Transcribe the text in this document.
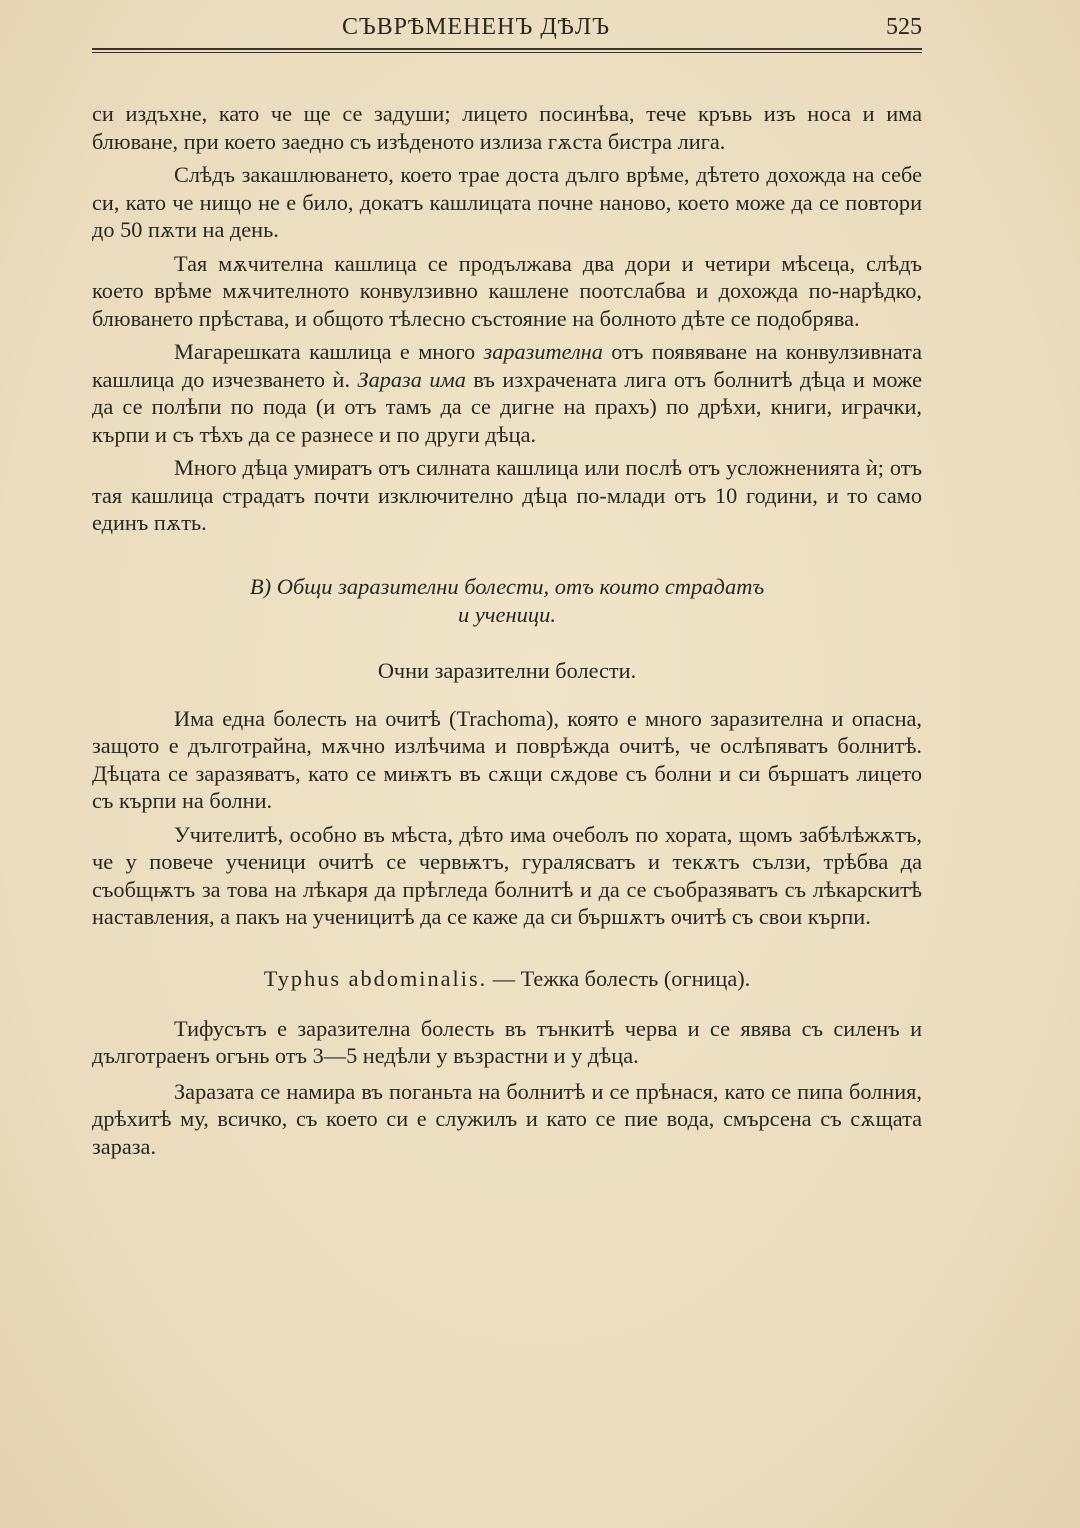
СЪВРѢМЕНЕНЪ ДѢЛЪ	525

си издъхне, като че ще се задуши; лицето посинѣва, тече кръвь изъ носа и има блюване, при което заедно съ изѣденото излиза гѫста бистра лига.

Слѣдъ закашлюването, което трае доста дълго врѣме, дѣтето дохожда на себе си, като че нищо не е било, докатъ кашлицата почне наново, което може да се повтори до 50 пѫти на день.

Тая мѫчителна кашлица се продължава два дори и четири мѣсеца, слѣдъ което врѣме мѫчителното конвулзивно кашлене поотслабва и дохожда по-нарѣдко, блюването прѣстава, и общото тѣлесно състояние на болното дѣте се подобрява.

Магарешката кашлица е много заразителна отъ появяване на конвулзивната кашлица до изчезването ѝ. Зараза има въ изхрачената лига отъ болнитѣ дѣца и може да се полѣпи по пода (и отъ тамъ да се дигне на прахъ) по дрѣхи, книги, играчки, кърпи и съ тѣхъ да се разнесе и по други дѣца.

Много дѣца умиратъ отъ силната кашлица или послѣ отъ усложненията ѝ; отъ тая кашлица страдатъ почти изключително дѣца по-млади отъ 10 години, и то само единъ пѫть.

В) Общи заразителни болести, отъ които страдатъ
и ученици.
Очни заразителни болести.

Има една болесть на очитѣ (Trachoma), която е много заразителна и опасна, защото е дълготрайна, мѫчно излѣчима и поврѣжда очитѣ, че ослѣпяватъ болнитѣ. Дѣцата се заразяватъ, като се миѭтъ въ сѫщи сѫдове съ болни и си бършатъ лицето съ кърпи на болни.

Учителитѣ, особно въ мѣста, дѣто има очеболъ по хората, щомъ забѣлѣжѫтъ, че у повече ученици очитѣ се червѭтъ, гуралясватъ и текѫтъ сълзи, трѣбва да съобщѭтъ за това на лѣкаря да прѣгледа болнитѣ и да се съобразяватъ съ лѣкарскитѣ наставления, а пакъ на ученицитѣ да се каже да си бършѫтъ очитѣ съ свои кърпи.

Typhus abdominalis. — Тежка болесть (огница).

Тифусътъ е заразителна болесть въ тънкитѣ черва и се явява съ силенъ и дълготраенъ огънь отъ 3—5 недѣли у възрастни и у дѣца.

Заразата се намира въ поганьта на болнитѣ и се прѣнася, като се пипа болния, дрѣхитѣ му, всичко, съ което си е служилъ и като се пие вода, смърсена съ сѫщата зараза.
